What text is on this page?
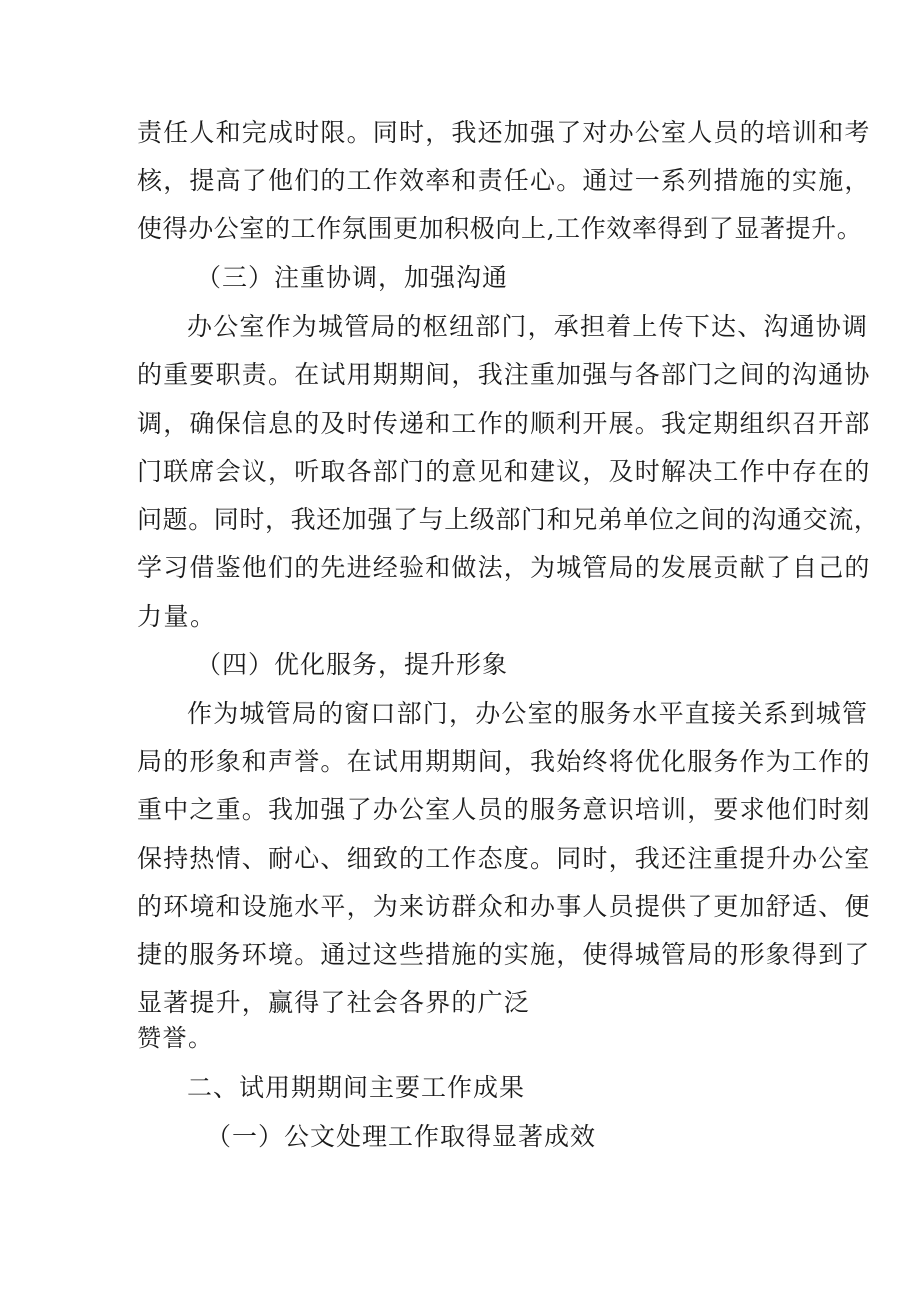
责任人和完成时限。同时，我还加强了对办公室人员的培训和考
核，提高了他们的工作效率和责任心。通过一系列措施的实施，
使得办公室的工作氛围更加积极向上,工作效率得到了显著提升。
（三）注重协调，加强沟通
办公室作为城管局的枢纽部门，承担着上传下达、沟通协调
的重要职责。在试用期期间，我注重加强与各部门之间的沟通协
调，确保信息的及时传递和工作的顺利开展。我定期组织召开部
门联席会议，听取各部门的意见和建议，及时解决工作中存在的
问题。同时，我还加强了与上级部门和兄弟单位之间的沟通交流，
学习借鉴他们的先进经验和做法，为城管局的发展贡献了自己的
力量。
（四）优化服务，提升形象
作为城管局的窗口部门，办公室的服务水平直接关系到城管
局的形象和声誉。在试用期期间，我始终将优化服务作为工作的
重中之重。我加强了办公室人员的服务意识培训，要求他们时刻
保持热情、耐心、细致的工作态度。同时，我还注重提升办公室
的环境和设施水平，为来访群众和办事人员提供了更加舒适、便
捷的服务环境。通过这些措施的实施，使得城管局的形象得到了
显著提升，赢得了社会各界的广泛
赞誉。
二、试用期期间主要工作成果
（一）公文处理工作取得显著成效
